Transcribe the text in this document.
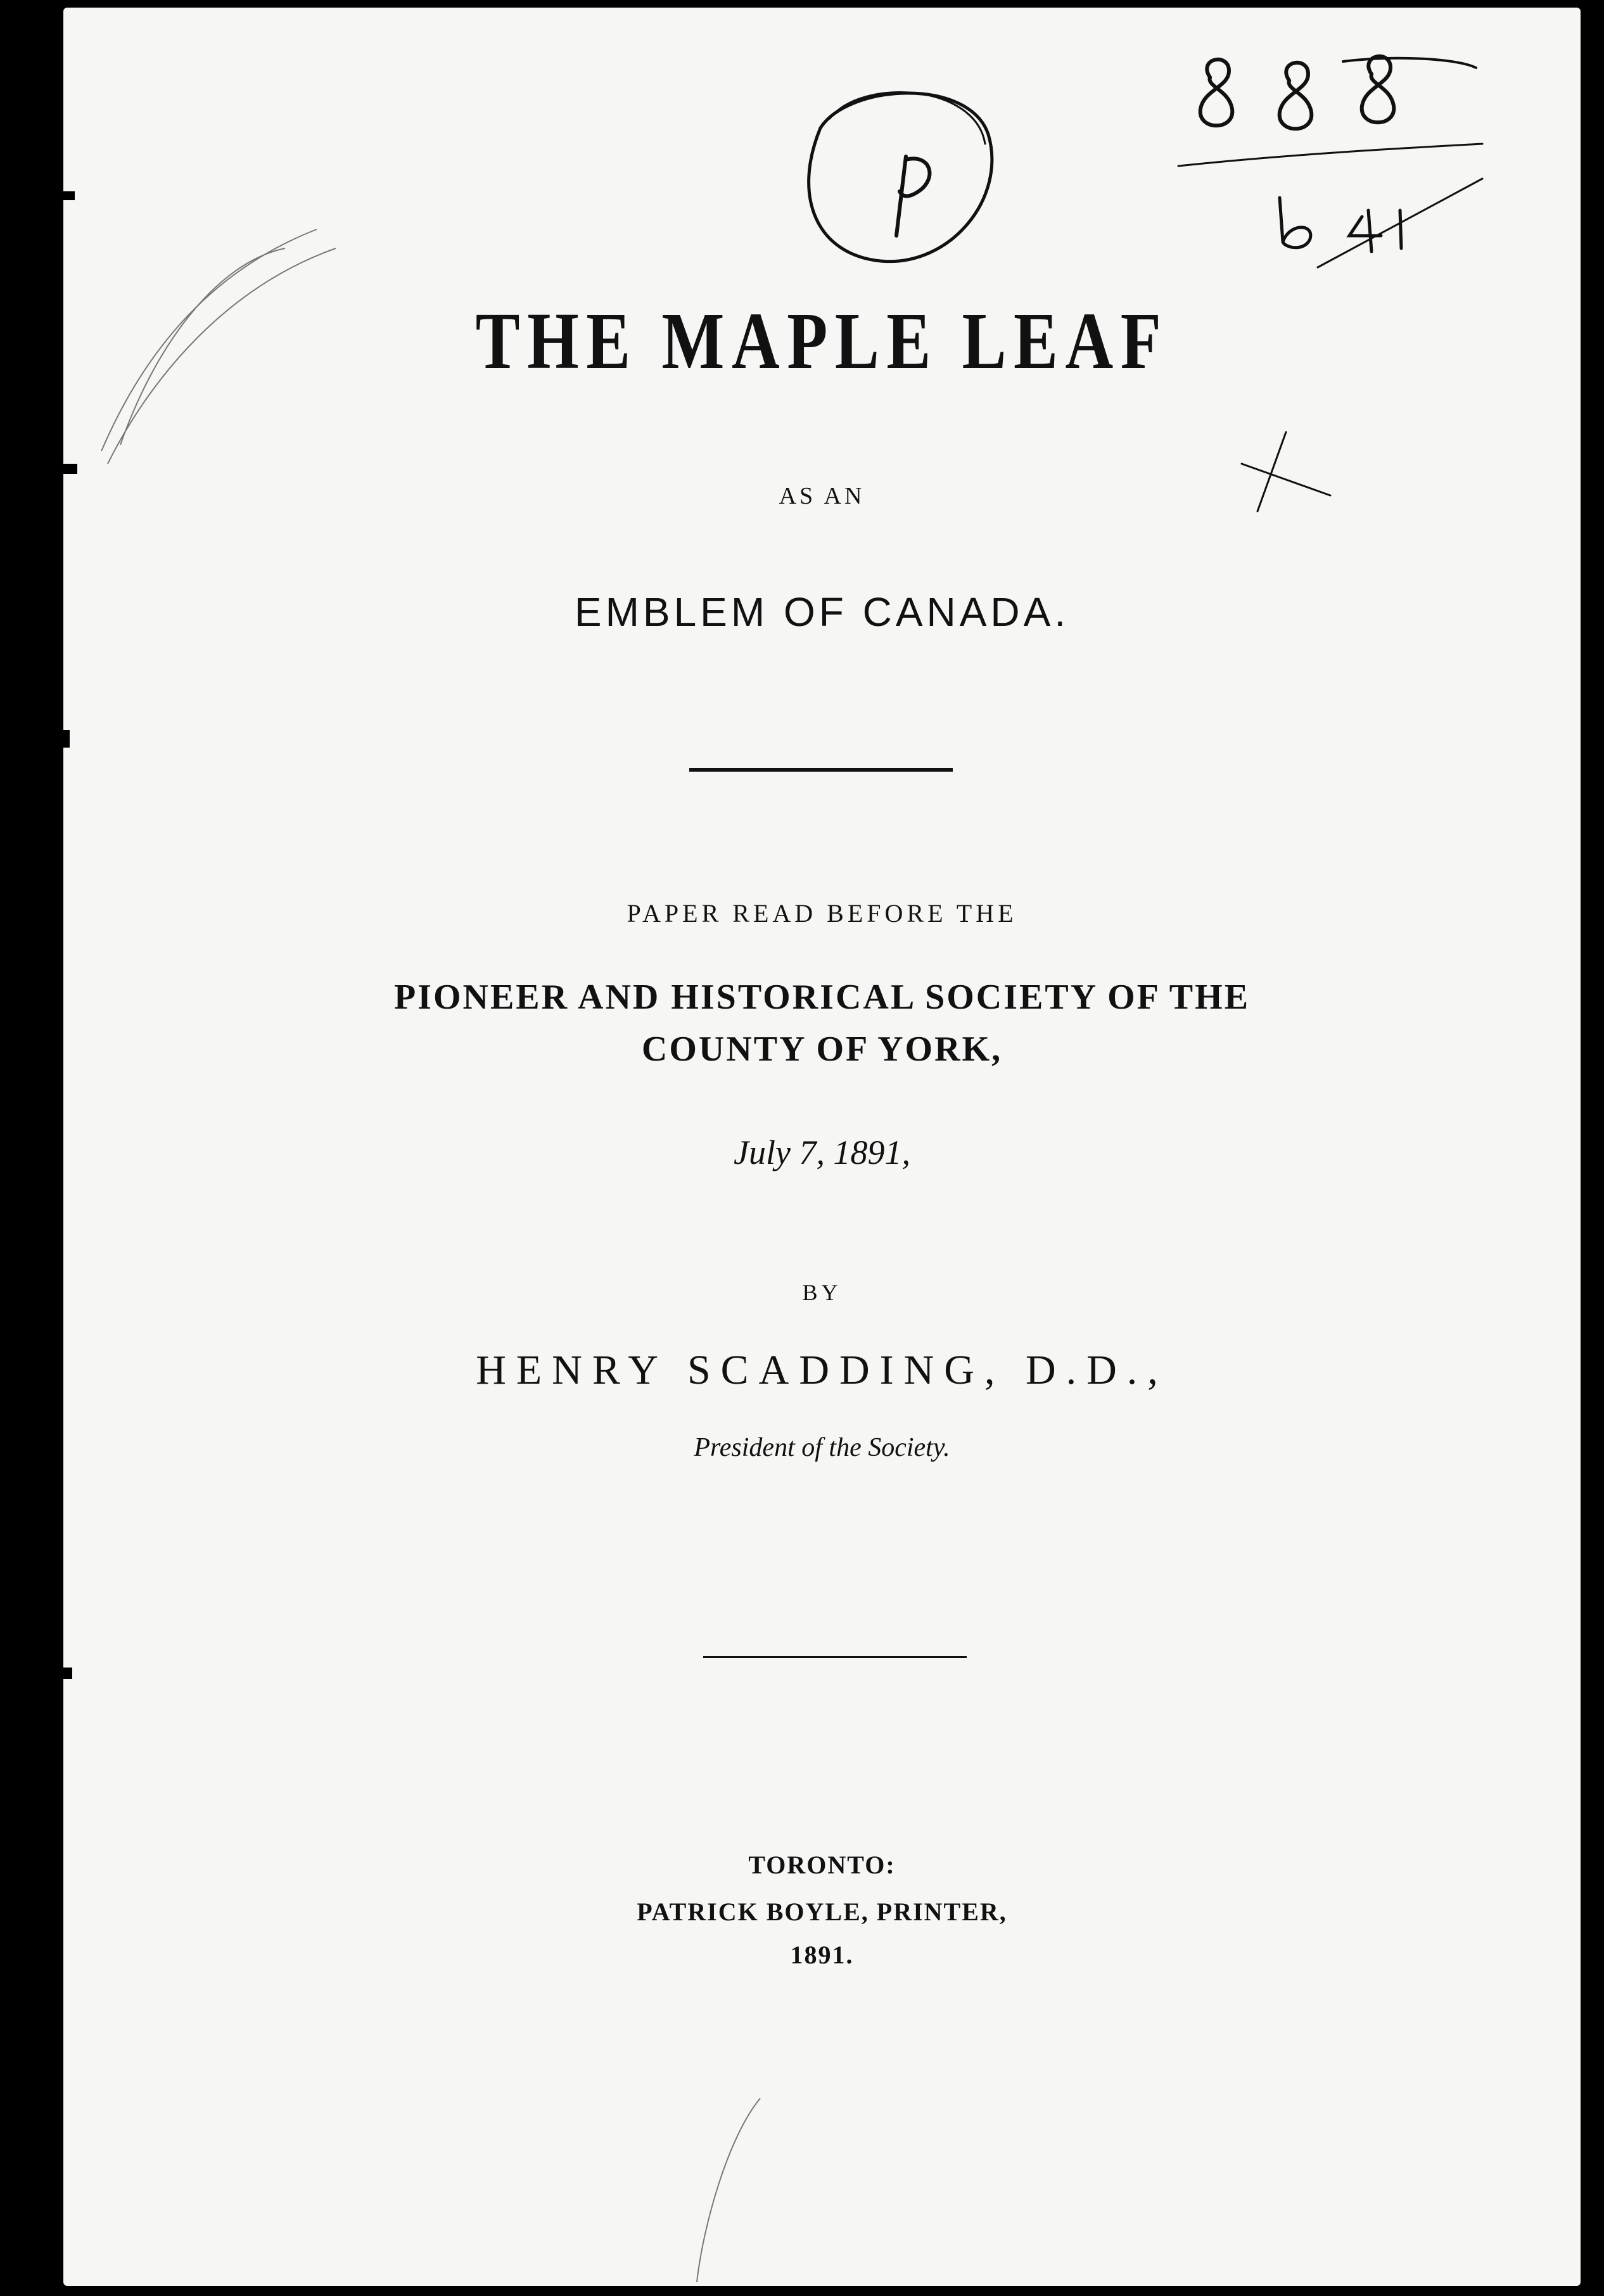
THE MAPLE LEAF
AS AN
EMBLEM OF CANADA.
PAPER READ BEFORE THE
PIONEER AND HISTORICAL SOCIETY OF THE
COUNTY OF YORK,
July 7, 1891,
BY
HENRY SCADDING, D.D.,
President of the Society.
TORONTO:
PATRICK BOYLE, PRINTER,
1891.
